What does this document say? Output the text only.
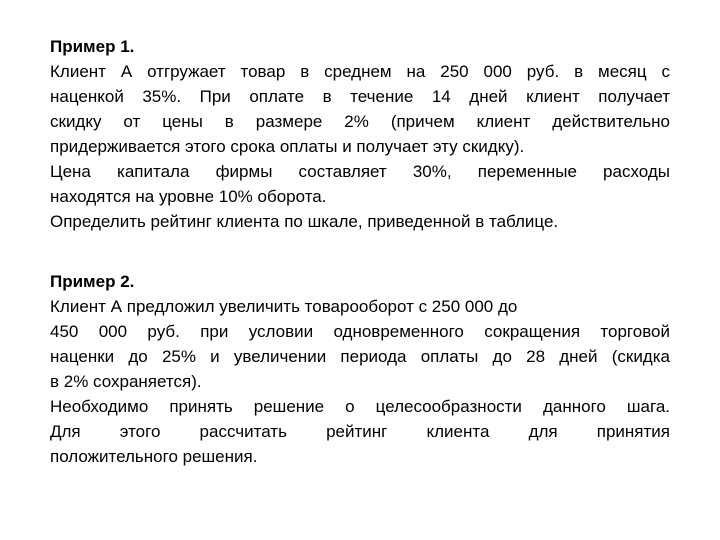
Пример 1.
Клиент А отгружает товар в среднем на 250 000 руб. в месяц с
наценкой 35%. При оплате в течение 14 дней клиент получает
скидку от цены в размере 2% (причем клиент действительно
придерживается этого срока оплаты и получает эту скидку).
Цена капитала фирмы составляет 30%, переменные расходы
находятся на уровне 10% оборота.
Определить рейтинг клиента по шкале, приведенной в таблице.
Пример 2.
Клиент А предложил увеличить товарооборот с 250 000 до
450 000 руб. при условии одновременного сокращения торговой
наценки до 25% и увеличении периода оплаты до 28 дней (скидка
в 2% сохраняется).
Необходимо принять решение о целесообразности данного шага.
Для этого рассчитать рейтинг клиента для принятия
положительного решения.
